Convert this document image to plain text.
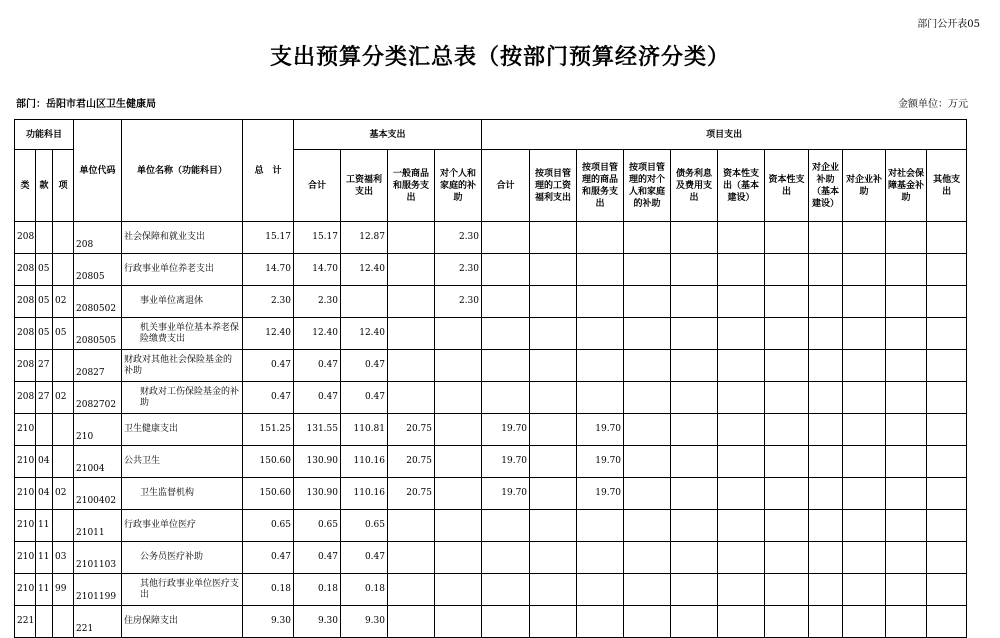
部门公开表05
支出预算分类汇总表（按部门预算经济分类）
部门：岳阳市君山区卫生健康局	金额单位：万元
功能科目			单位代码	单位名称（功能科目）	总　计	基本支出				项目支出										
类	款	项				合计	工资福利支出	一般商品和服务支出	对个人和家庭的补助	合计	按项目管理的工资福利支出	按项目管理的商品和服务支出	按项目管理的对个人和家庭的补助	债务利息及费用支出	资本性支出（基本建设）	资本性支出	对企业补助（基本建设）	对企业补助	对社会保障基金补助	其他支出
208			208	社会保障和就业支出	15.17	15.17	12.87		2.30											
208	05		20805	行政事业单位养老支出	14.70	14.70	12.40		2.30											
208	05	02	2080502	事业单位离退休	2.30	2.30			2.30											
208	05	05	2080505	机关事业单位基本养老保险缴费支出	12.40	12.40	12.40													
208	27		20827	财政对其他社会保险基金的补助	0.47	0.47	0.47													
208	27	02	2082702	财政对工伤保险基金的补助	0.47	0.47	0.47													
210			210	卫生健康支出	151.25	131.55	110.81	20.75		19.70		19.70								
210	04		21004	公共卫生	150.60	130.90	110.16	20.75		19.70		19.70								
210	04	02	2100402	卫生监督机构	150.60	130.90	110.16	20.75		19.70		19.70								
210	11		21011	行政事业单位医疗	0.65	0.65	0.65													
210	11	03	2101103	公务员医疗补助	0.47	0.47	0.47													
210	11	99	2101199	其他行政事业单位医疗支出	0.18	0.18	0.18													
221			221	住房保障支出	9.30	9.30	9.30													
